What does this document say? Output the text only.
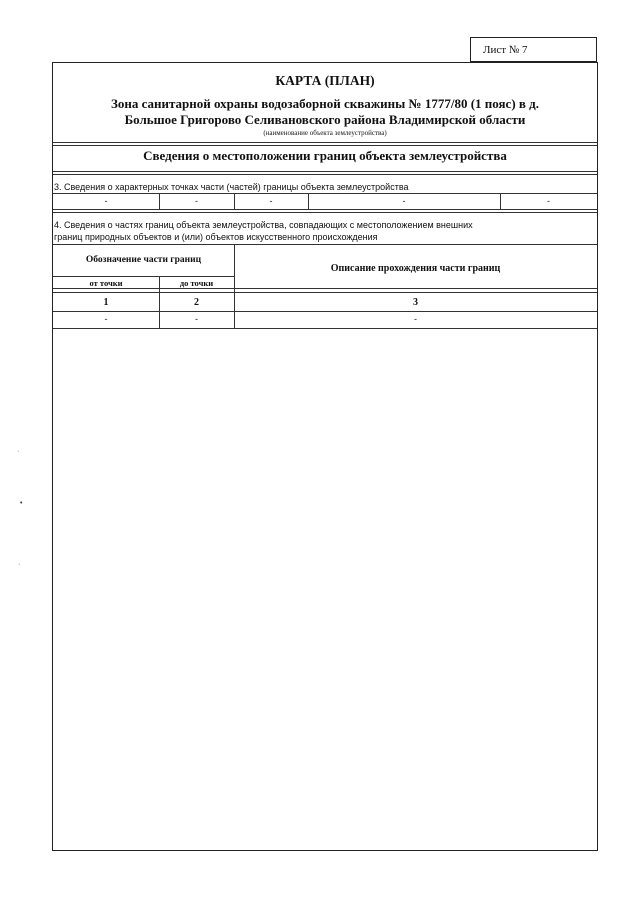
Лист № 7
КАРТА (ПЛАН)
Зона санитарной охраны водозаборной скважины № 1777/80 (1 пояс) в д.
Большое Григорово Селивановского района Владимирской области
(наименование объекта землеустройства)
Сведения о местоположении границ объекта землеустройства
3. Сведения о характерных точках части (частей) границы объекта землеустройства
-	-	-	-	-
4. Сведения о частях границ объекта землеустройства, совпадающих с местоположением внешних
границ природных объектов и (или) объектов искусственного происхождения
Обозначение части границ
Описание прохождения части границ
от точки	до точки
1	2	3
-	-	-
·
•
·
